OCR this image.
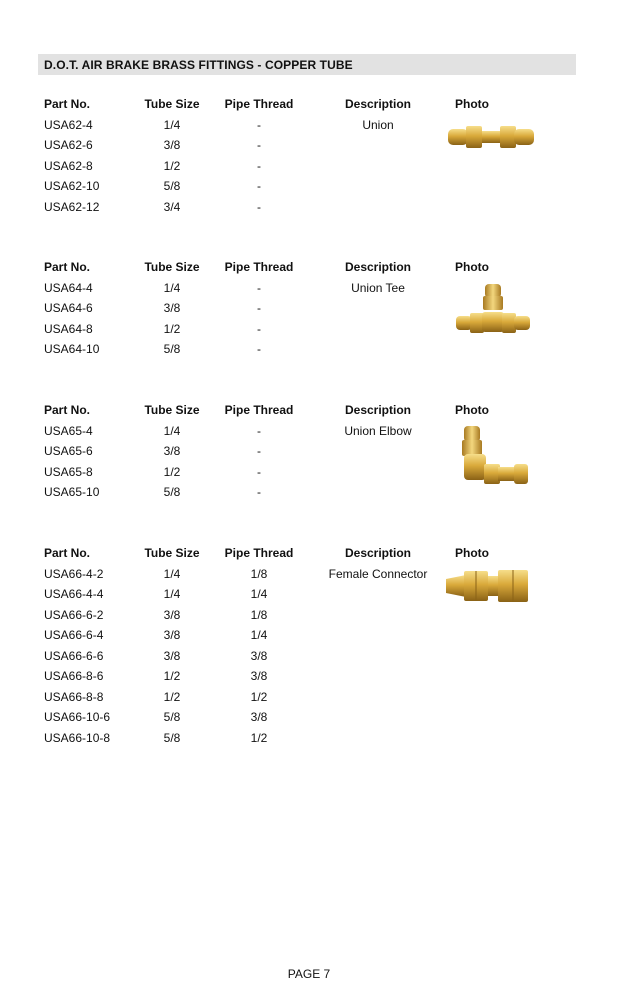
D.O.T. AIR BRAKE BRASS FITTINGS - COPPER TUBE
Part No.	Tube Size Pipe Thread	Description	Photo
USA62-4	1/4	-	Union
USA62-6	3/8	-
USA62-8	1/2	-
USA62-10	5/8	-
USA62-12	3/4	-
Part No.	Tube Size Pipe Thread	Description	Photo
USA64-4	1/4	-	Union Tee
USA64-6	3/8	-
USA64-8	1/2	-
USA64-10	5/8	-
Part No.	Tube Size Pipe Thread	Description	Photo
USA65-4	1/4	-	Union Elbow
USA65-6	3/8	-
USA65-8	1/2	-
USA65-10	5/8	-
Part No.	Tube Size Pipe Thread	Description	Photo
USA66-4-2	1/4	1/8	Female Connector
USA66-4-4	1/4	1/4
USA66-6-2	3/8	1/8
USA66-6-4	3/8	1/4
USA66-6-6	3/8	3/8
USA66-8-6	1/2	3/8
USA66-8-8	1/2	1/2
USA66-10-6	5/8	3/8
USA66-10-8	5/8	1/2
PAGE 7
